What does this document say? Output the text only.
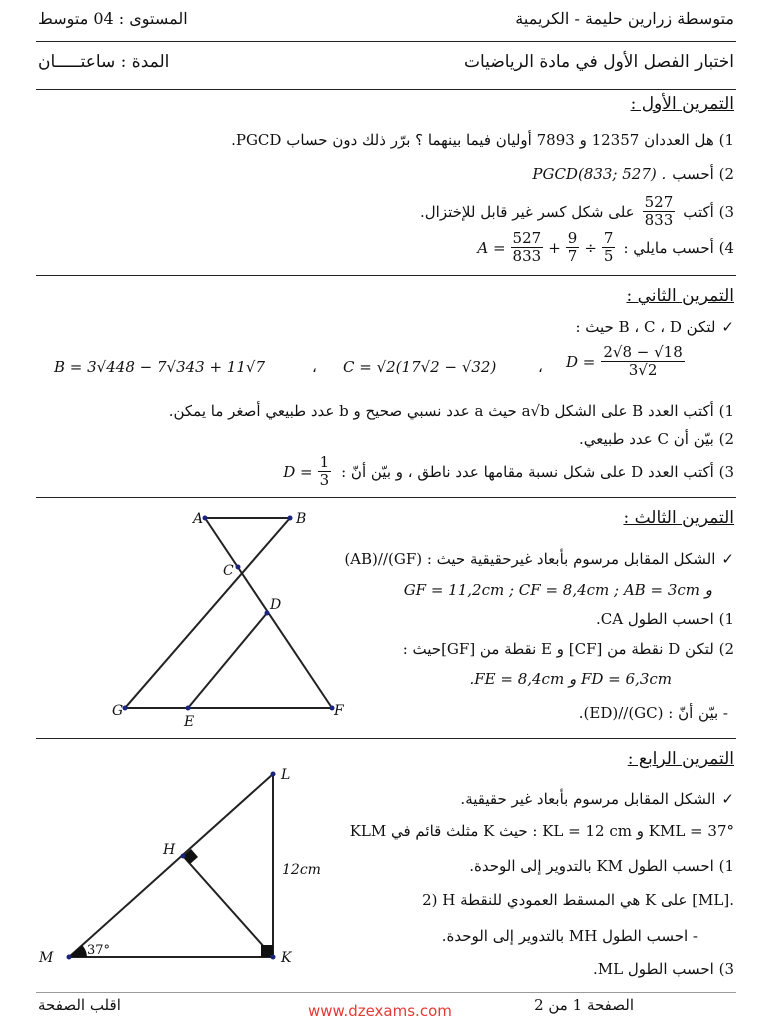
متوسطة زرارين حليمة - الكريمية
المستوى : 04 متوسط
اختبار الفصل الأول في مادة الرياضيات
المدة : ساعتـــــان
التمرين الأول :
1) هل العددان 12357 و 7893 أوليان فيما بينهما ؟ برّر ذلك دون حساب PGCD.
2) أحسب
PGCD(833; 527) .
3) أكتب
$\frac{527}{833}$
على شكل كسر غير قابل للإختزال.
4) أحسب مايلي :
$A = \frac{527}{833} + \frac{9}{7} \div \frac{7}{5}$
التمرين الثاني :
✓
لتكن B ، C ، D حيث :
B = 3√448 − 7√343 + 11√7	، C = √2(17√2 − √32)	، $D = \frac{2√8 - √18}{3√2}$
1) أكتب العدد B على الشكل a√b حيث a عدد نسبي صحيح و b عدد طبيعي أصغر ما يمكن.
2) بيّن أن C عدد طبيعي.
3) أكتب العدد D على شكل نسبة مقامها عدد ناطق ، و بيّن أنّ :
$D = \frac{1}{3}$
التمرين الثالث :
✓
الشكل المقابل مرسوم بأبعاد غيرحقيقية حيث : (GF)//(AB)
GF = 11,2cm ; CF = 8,4cm ; AB = 3cm و
1) احسب الطول CA.
2) لتكن D نقطة من [CF] و E نقطة من [GF]حيث :
.FE = 8,4cm و FD = 6,3cm
- بيّن أنّ : (GC)//(ED).
A	B
C
D
G
E
F
التمرين الرابع :
✓
الشكل المقابل مرسوم بأبعاد غير حقيقية.
KLM مثلث قائم في K حيث : KL = 12 cm و KML = 37°
1) احسب الطول KM بالتدوير إلى الوحدة.
2) H هي المسقط العمودي للنقطة K على [ML].
- احسب الطول MH بالتدوير إلى الوحدة.
3) احسب الطول ML.
L
H
M	K
12cm
37°
الصفحة 1 من 2
www.dzexams.com
اقلب الصفحة
